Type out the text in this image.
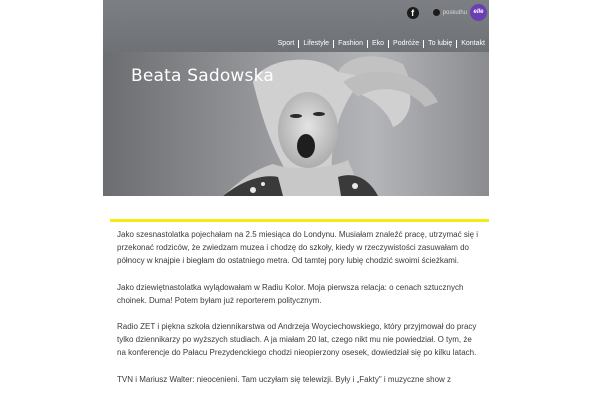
f	poskuthu	elle
Sport	Lifestyle	Fashion	Eko	Podróże	To lubię	Kontakt
Beata Sadowska

Jako szesnastolatka pojechałam na 2.5 miesiąca do Londynu. Musiałam znaleźć pracę, utrzymać się i przekonać rodziców, że zwiedzam muzea i chodzę do szkoły, kiedy w rzeczywistości zasuwałam do północy w knajpie i biegłam do ostatniego metra. Od tamtej pory lubię chodzić swoimi ścieżkami.

Jako dziewiętnastolatka wylądowałam w Radiu Kolor. Moja pierwsza relacja: o cenach sztucznych choinek. Duma! Potem byłam już reporterem politycznym.

Radio ZET i piękna szkoła dziennikarstwa od Andrzeja Woyciechowskiego, który przyjmował do pracy tylko dziennikarzy po wyższych studiach. A ja miałam 20 lat, czego nikt mu nie powiedział. O tym, że na konferencje do Pałacu Prezydenckiego chodzi nieopierzony osesek, dowiedział się po kilku latach.

TVN i Mariusz Walter: nieocenieni. Tam uczyłam się telewizji. Były i „Fakty" i muzyczne show z
